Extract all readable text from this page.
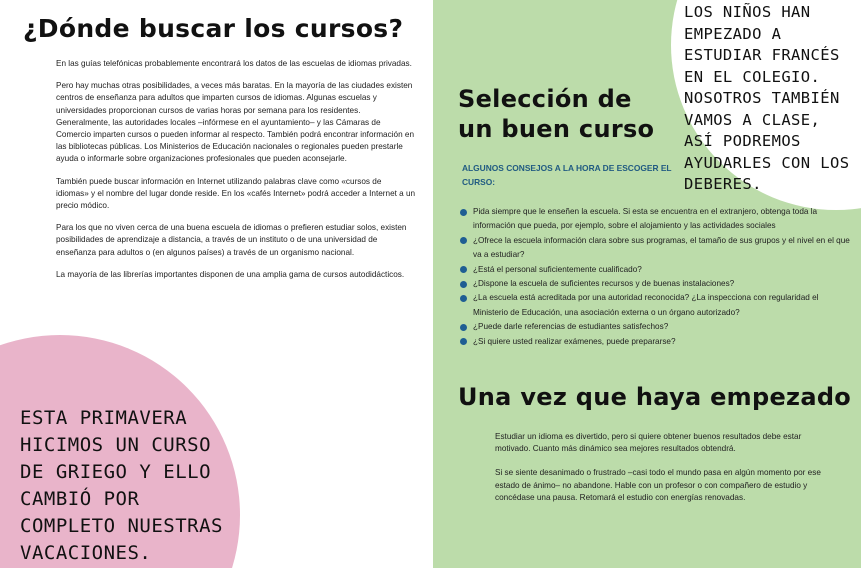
¿Dónde buscar los cursos?

En las guías telefónicas probablemente encontrará los datos de las escuelas de idiomas privadas.

Pero hay muchas otras posibilidades, a veces más baratas. En la mayoría de las ciudades existen centros de enseñanza para adultos que imparten cursos de idiomas. Algunas escuelas y universidades proporcionan cursos de varias horas por semana para los residentes. Generalmente, las autoridades locales –infórmese en el ayuntamiento– y las Cámaras de Comercio imparten cursos o pueden informar al respecto. También podrá encontrar información en las bibliotecas públicas. Los Ministerios de Educación nacionales o regionales pueden prestarle ayuda o informarle sobre organizaciones profesionales que pueden aconsejarle.

También puede buscar información en Internet utilizando palabras clave como «cursos de idiomas» y el nombre del lugar donde reside. En los «cafés Internet» podrá acceder a Internet a un precio módico.

Para los que no viven cerca de una buena escuela de idiomas o prefieren estudiar solos, existen posibilidades de aprendizaje a distancia, a través de un instituto o de una universidad de enseñanza para adultos o (en algunos países) a través de un organismo nacional.

La mayoría de las librerías importantes disponen de una amplia gama de cursos autodidácticos.

ESTA PRIMAVERA HICIMOS UN CURSO DE GRIEGO Y ELLO CAMBIÓ POR COMPLETO NUESTRAS VACACIONES.

LOS NIÑOS HAN EMPEZADO A ESTUDIAR FRANCÉS EN EL COLEGIO. NOSOTROS TAMBIÉN VAMOS A CLASE, ASÍ PODREMOS AYUDARLES CON LOS DEBERES.

Selección de un buen curso

ALGUNOS CONSEJOS A LA HORA DE ESCOGER EL CURSO:

Pida siempre que le enseñen la escuela. Si esta se encuentra en el extranjero, obtenga toda la información que pueda, por ejemplo, sobre el alojamiento y las actividades sociales
¿Ofrece la escuela información clara sobre sus programas, el tamaño de sus grupos y el nivel en el que va a estudiar?
¿Está el personal suficientemente cualificado?
¿Dispone la escuela de suficientes recursos y de buenas instalaciones?
¿La escuela está acreditada por una autoridad reconocida? ¿La inspecciona con regularidad el Ministerio de Educación, una asociación externa o un órgano autorizado?
¿Puede darle referencias de estudiantes satisfechos?
¿Si quiere usted realizar exámenes, puede prepararse?
Una vez que haya empezado

Estudiar un idioma es divertido, pero si quiere obtener buenos resultados debe estar motivado. Cuanto más dinámico sea mejores resultados obtendrá.

Si se siente desanimado o frustrado –casi todo el mundo pasa en algún momento por ese estado de ánimo– no abandone. Hable con un profesor o con compañero de estudio y concédase una pausa. Retomará el estudio con energías renovadas.
